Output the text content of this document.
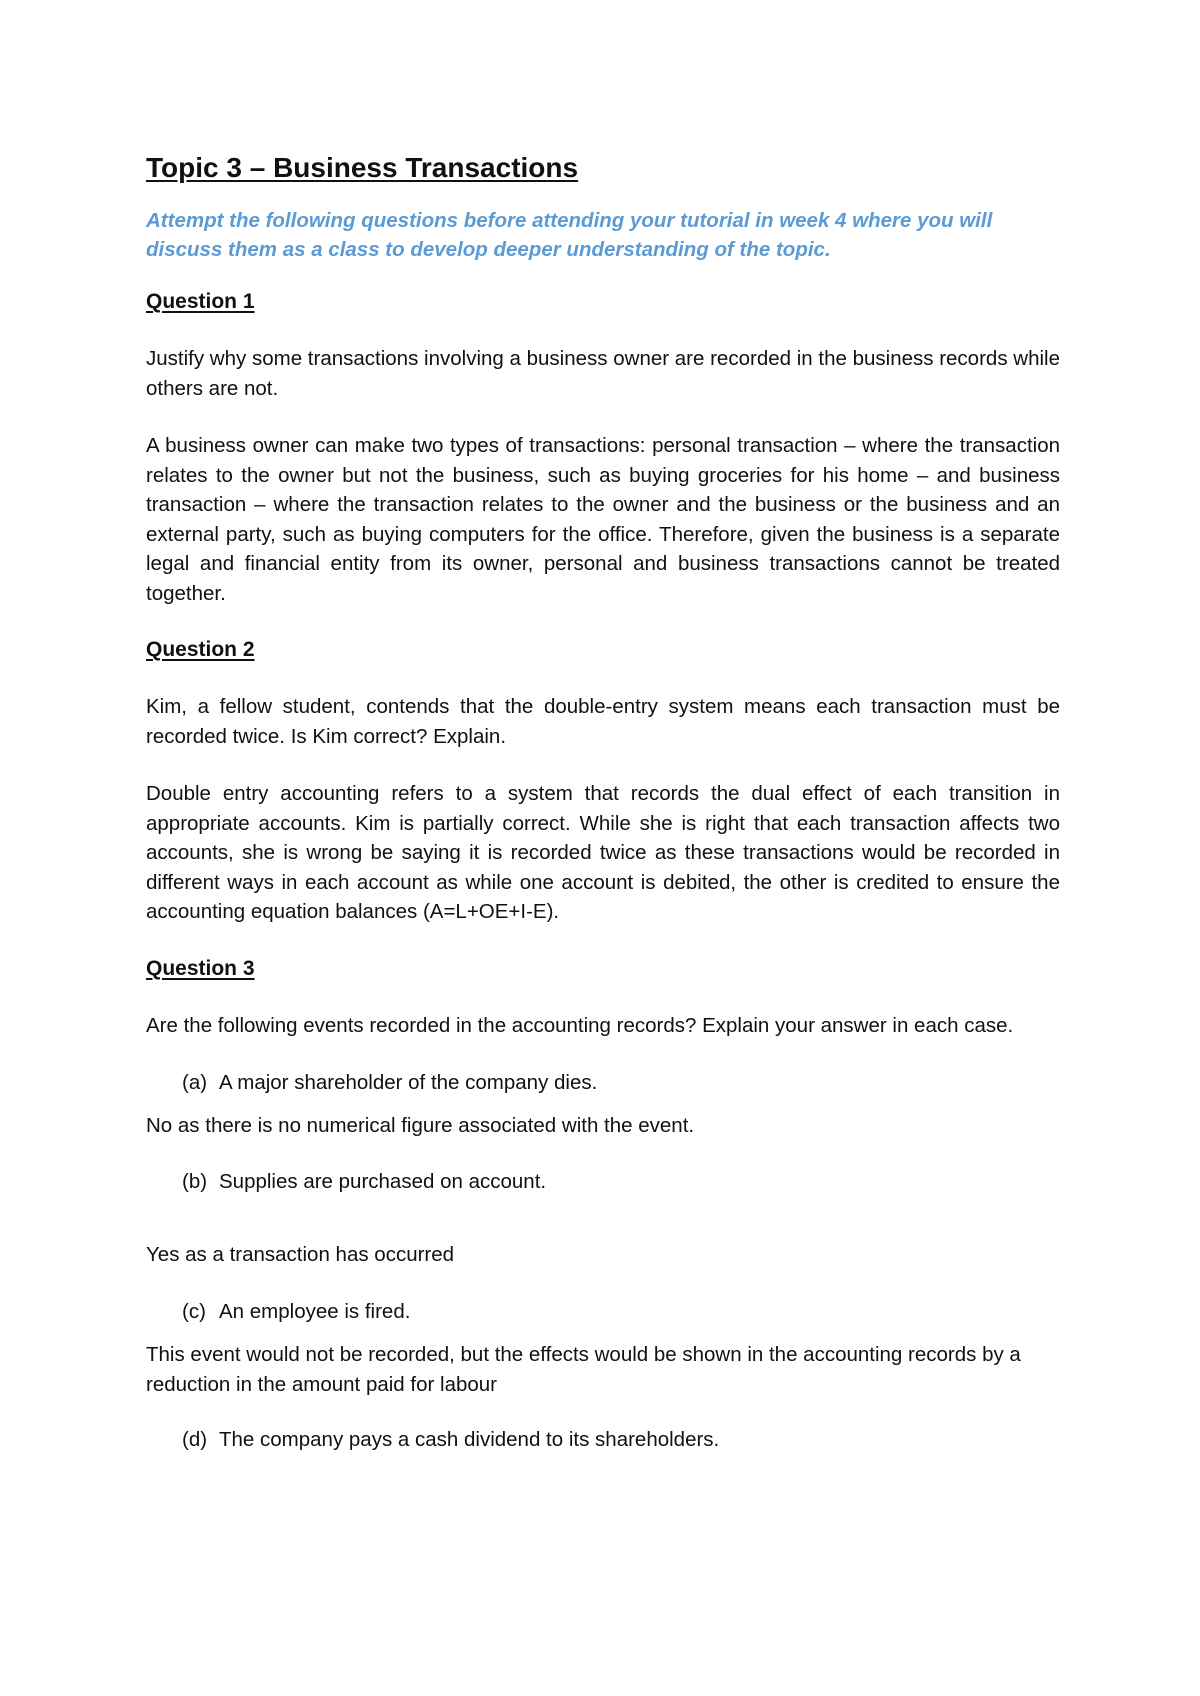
Topic 3 – Business Transactions
Attempt the following questions before attending your tutorial in week 4 where you will discuss them as a class to develop deeper understanding of the topic.
Question 1

Justify why some transactions involving a business owner are recorded in the business records while others are not.

A business owner can make two types of transactions: personal transaction – where the transaction relates to the owner but not the business, such as buying groceries for his home – and business transaction – where the transaction relates to the owner and the business or the business and an external party, such as buying computers for the office. Therefore, given the business is a separate legal and financial entity from its owner, personal and business transactions cannot be treated together.

Question 2

Kim, a fellow student, contends that the double-entry system means each transaction must be recorded twice. Is Kim correct? Explain.

Double entry accounting refers to a system that records the dual effect of each transition in appropriate accounts. Kim is partially correct. While she is right that each transaction affects two accounts, she is wrong be saying it is recorded twice as these transactions would be recorded in different ways in each account as while one account is debited, the other is credited to ensure the accounting equation balances (A=L+OE+I-E).

Question 3

Are the following events recorded in the accounting records? Explain your answer in each case.

(a) A major shareholder of the company dies.
No as there is no numerical figure associated with the event.
(b) Supplies are purchased on account.
Yes as a transaction has occurred
(c) An employee is fired.
This event would not be recorded, but the effects would be shown in the accounting records by a reduction in the amount paid for labour
(d) The company pays a cash dividend to its shareholders.
